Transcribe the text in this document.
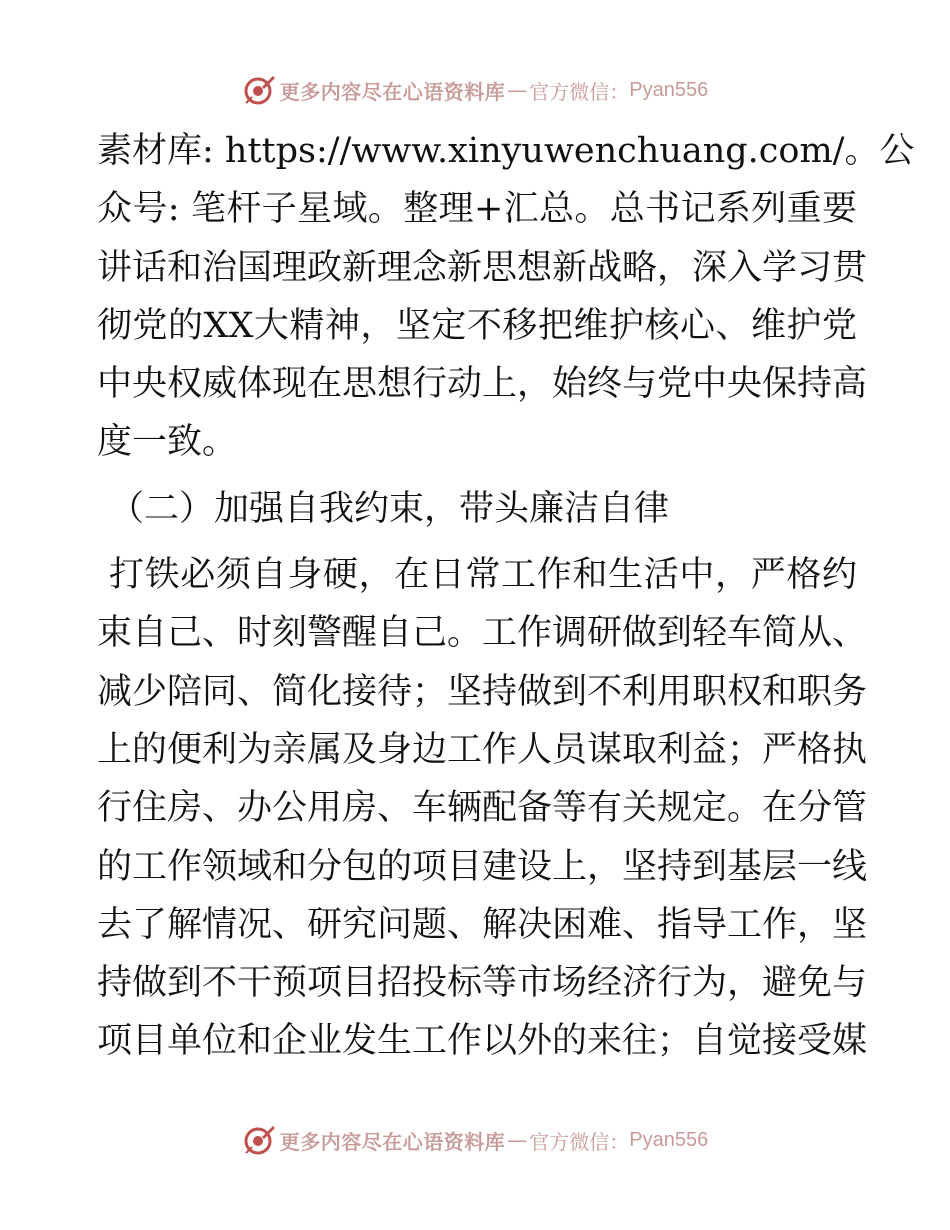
更多内容尽在心语资料库 — 官方微信： Pyan556
素材库: https://www.xinyuwenchuang.com/。公
众号: 笔杆子星域。整理+汇总。总书记系列重要
讲话和治国理政新理念新思想新战略，深入学习贯
彻党的XX大精神，坚定不移把维护核心、维护党
中央权威体现在思想行动上，始终与党中央保持高
度一致。
（二）加强自我约束，带头廉洁自律
打铁必须自身硬，在日常工作和生活中，严格约
束自己、时刻警醒自己。工作调研做到轻车简从、
减少陪同、简化接待；坚持做到不利用职权和职务
上的便利为亲属及身边工作人员谋取利益；严格执
行住房、办公用房、车辆配备等有关规定。在分管
的工作领域和分包的项目建设上，坚持到基层一线
去了解情况、研究问题、解决困难、指导工作，坚
持做到不干预项目招投标等市场经济行为，避免与
项目单位和企业发生工作以外的来往；自觉接受媒
更多内容尽在心语资料库 — 官方微信： Pyan556
